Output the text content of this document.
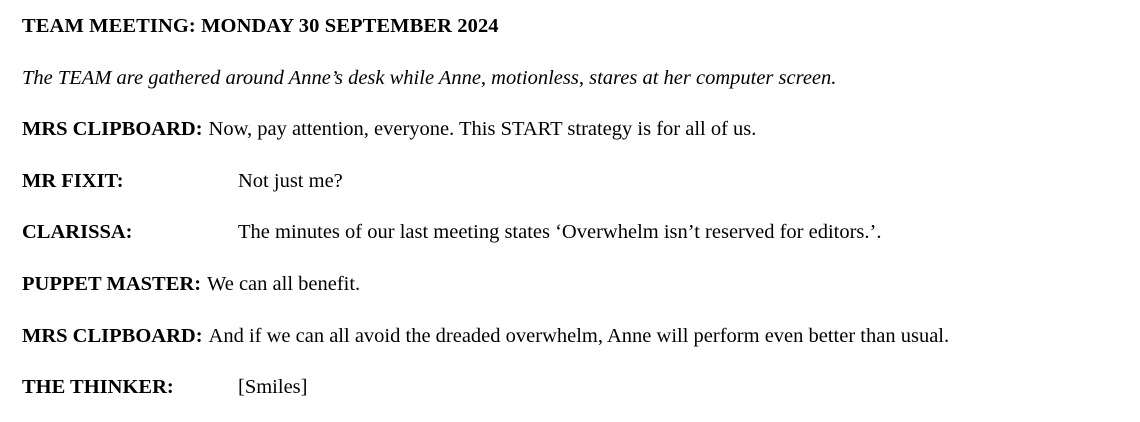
TEAM MEETING: MONDAY 30 SEPTEMBER 2024

The TEAM are gathered around Anne’s desk while Anne, motionless, stares at her computer screen.

MRS CLIPBOARD: Now, pay attention, everyone. This START strategy is for all of us.
MR FIXIT:	Not just me?
CLARISSA:	The minutes of our last meeting states ‘Overwhelm isn’t reserved for editors.’.
PUPPET MASTER: We can all benefit.
MRS CLIPBOARD: And if we can all avoid the dreaded overwhelm, Anne will perform even better than usual.
THE THINKER:	[Smiles]
